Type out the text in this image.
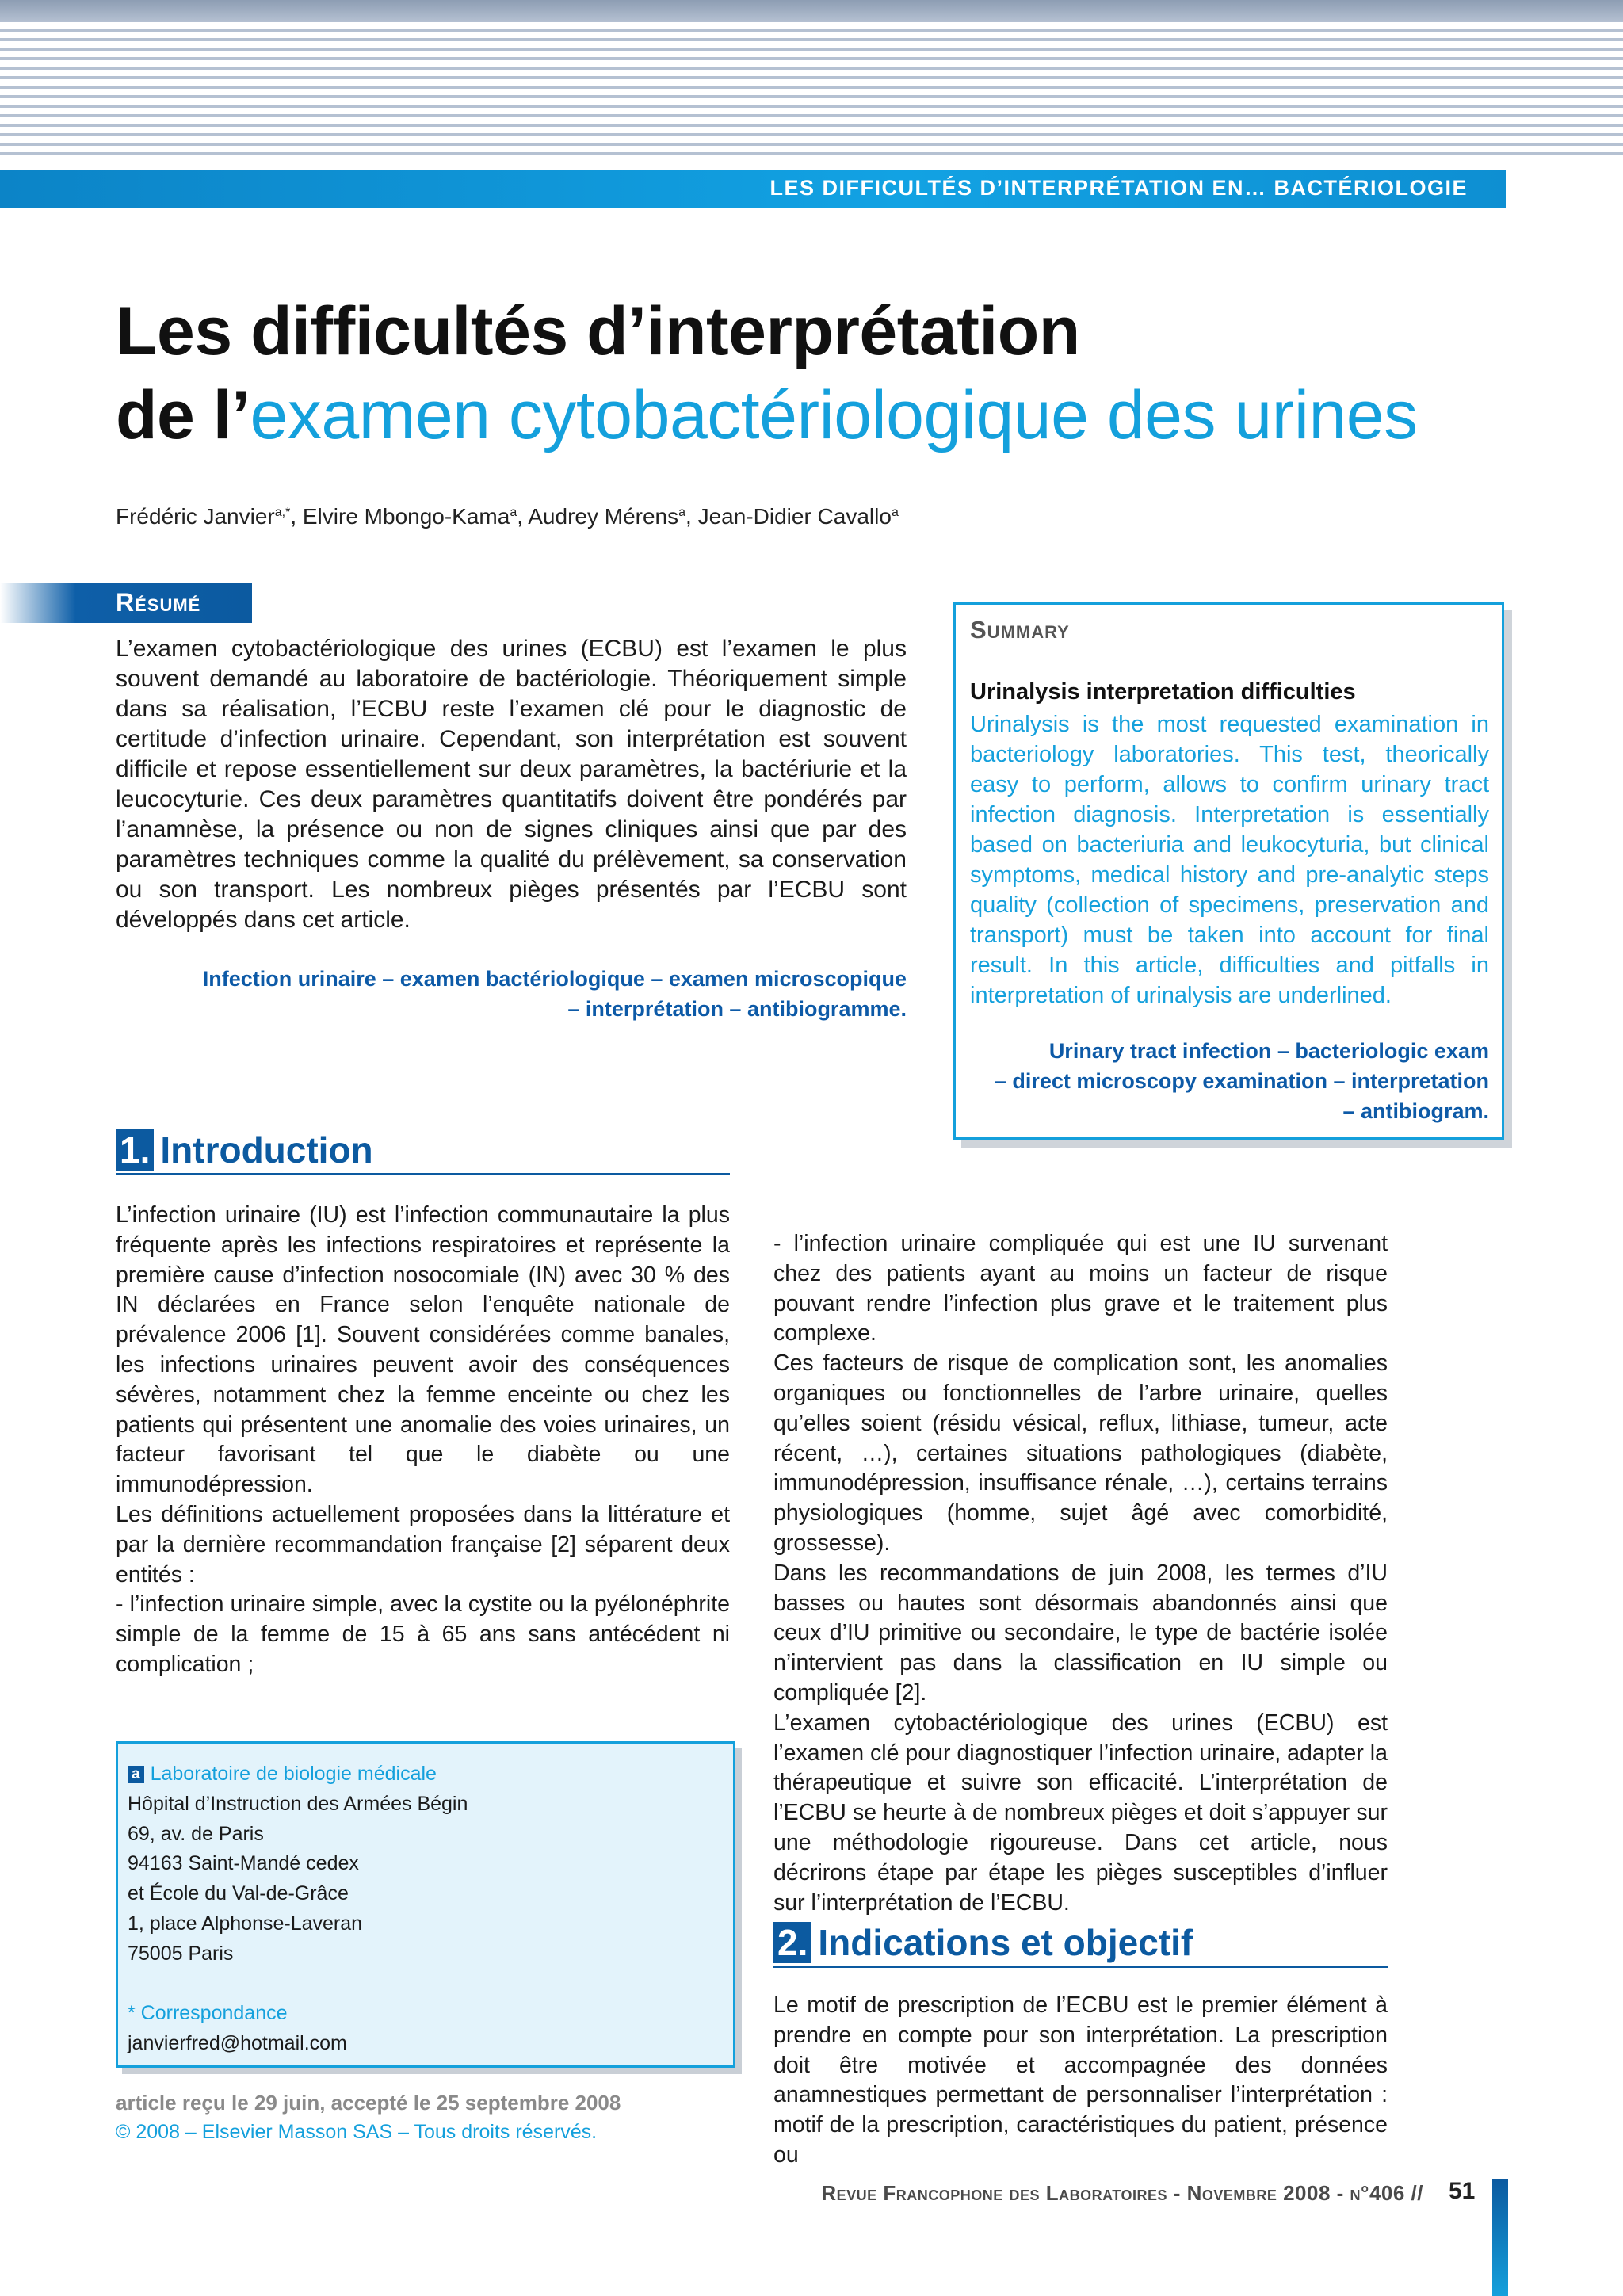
LES DIFFICULTÉS D’INTERPRÉTATION EN… BACTÉRIOLOGIE
Les difficultés d’interprétation
de l’examen cytobactériologique des urines
Frédéric Janvier$^{a,*}$, Elvire Mbongo-Kama$^a$, Audrey Mérens$^a$, Jean-Didier Cavallo$^a$
Résumé

L’examen cytobactériologique des urines (ECBU) est l’examen le plus souvent demandé au laboratoire de bactériologie. Théoriquement simple dans sa réalisation, l’ECBU reste l’examen clé pour le diagnostic de certitude d’infection urinaire. Cependant, son interprétation est souvent difficile et repose essentiellement sur deux paramètres, la bactériurie et la leucocyturie. Ces deux paramètres quantitatifs doivent être pondérés par l’anamnèse, la présence ou non de signes cliniques ainsi que par des paramètres techniques comme la qualité du prélèvement, sa conservation ou son transport. Les nombreux pièges présentés par l’ECBU sont développés dans cet article.

Infection urinaire – examen bactériologique – examen microscopique
– interprétation – antibiogramme.
Summary
Urinalysis interpretation difficulties

Urinalysis is the most requested examination in bacteriology laboratories. This test, theorically easy to perform, allows to confirm urinary tract infection diagnosis. Interpretation is essentially based on bacteriuria and leukocyturia, but clinical symptoms, medical history and pre-analytic steps quality (collection of specimens, preservation and transport) must be taken into account for final result. In this article, difficulties and pitfalls in interpretation of urinalysis are underlined.

Urinary tract infection – bacteriologic exam
– direct microscopy examination – interpretation
– antibiogram.
1. Introduction
L’infection urinaire (IU) est l’infection communautaire la plus fréquente après les infections respiratoires et représente la première cause d’infection nosocomiale (IN) avec 30 % des IN déclarées en France selon l’enquête nationale de prévalence 2006 [1]. Souvent considérées comme banales, les infections urinaires peuvent avoir des conséquences sévères, notamment chez la femme enceinte ou chez les patients qui présentent une anomalie des voies urinaires, un facteur favorisant tel que le diabète ou une immunodépression.
Les définitions actuellement proposées dans la littérature et par la dernière recommandation française [2] séparent deux entités :
- l’infection urinaire simple, avec la cystite ou la pyélonéphrite simple de la femme de 15 à 65 ans sans antécédent ni complication ;
- l’infection urinaire compliquée qui est une IU survenant chez des patients ayant au moins un facteur de risque pouvant rendre l’infection plus grave et le traitement plus complexe.
Ces facteurs de risque de complication sont, les anomalies organiques ou fonctionnelles de l’arbre urinaire, quelles qu’elles soient (résidu vésical, reflux, lithiase, tumeur, acte récent, …), certaines situations pathologiques (diabète, immunodépression, insuffisance rénale, …), certains terrains physiologiques (homme, sujet âgé avec comorbidité, grossesse).
Dans les recommandations de juin 2008, les termes d’IU basses ou hautes sont désormais abandonnés ainsi que ceux d’IU primitive ou secondaire, le type de bactérie isolée n’intervient pas dans la classification en IU simple ou compliquée [2].
L’examen cytobactériologique des urines (ECBU) est l’examen clé pour diagnostiquer l’infection urinaire, adapter la thérapeutique et suivre son efficacité. L’interprétation de l’ECBU se heurte à de nombreux pièges et doit s’appuyer sur une méthodologie rigoureuse. Dans cet article, nous décrirons étape par étape les pièges susceptibles d’influer sur l’interprétation de l’ECBU.
2. Indications et objectif
Le motif de prescription de l’ECBU est le premier élément à prendre en compte pour son interprétation. La prescription doit être motivée et accompagnée des données anamnestiques permettant de personnaliser l’interprétation : motif de la prescription, caractéristiques du patient, présence ou
a Laboratoire de biologie médicale
Hôpital d’Instruction des Armées Bégin
69, av. de Paris
94163 Saint-Mandé cedex
et École du Val-de-Grâce
1, place Alphonse-Laveran
75005 Paris
* Correspondance
janvierfred@hotmail.com
article reçu le 29 juin, accepté le 25 septembre 2008
© 2008 – Elsevier Masson SAS – Tous droits réservés.
Revue Francophone des Laboratoires - Novembre 2008 - n°406 // 51
